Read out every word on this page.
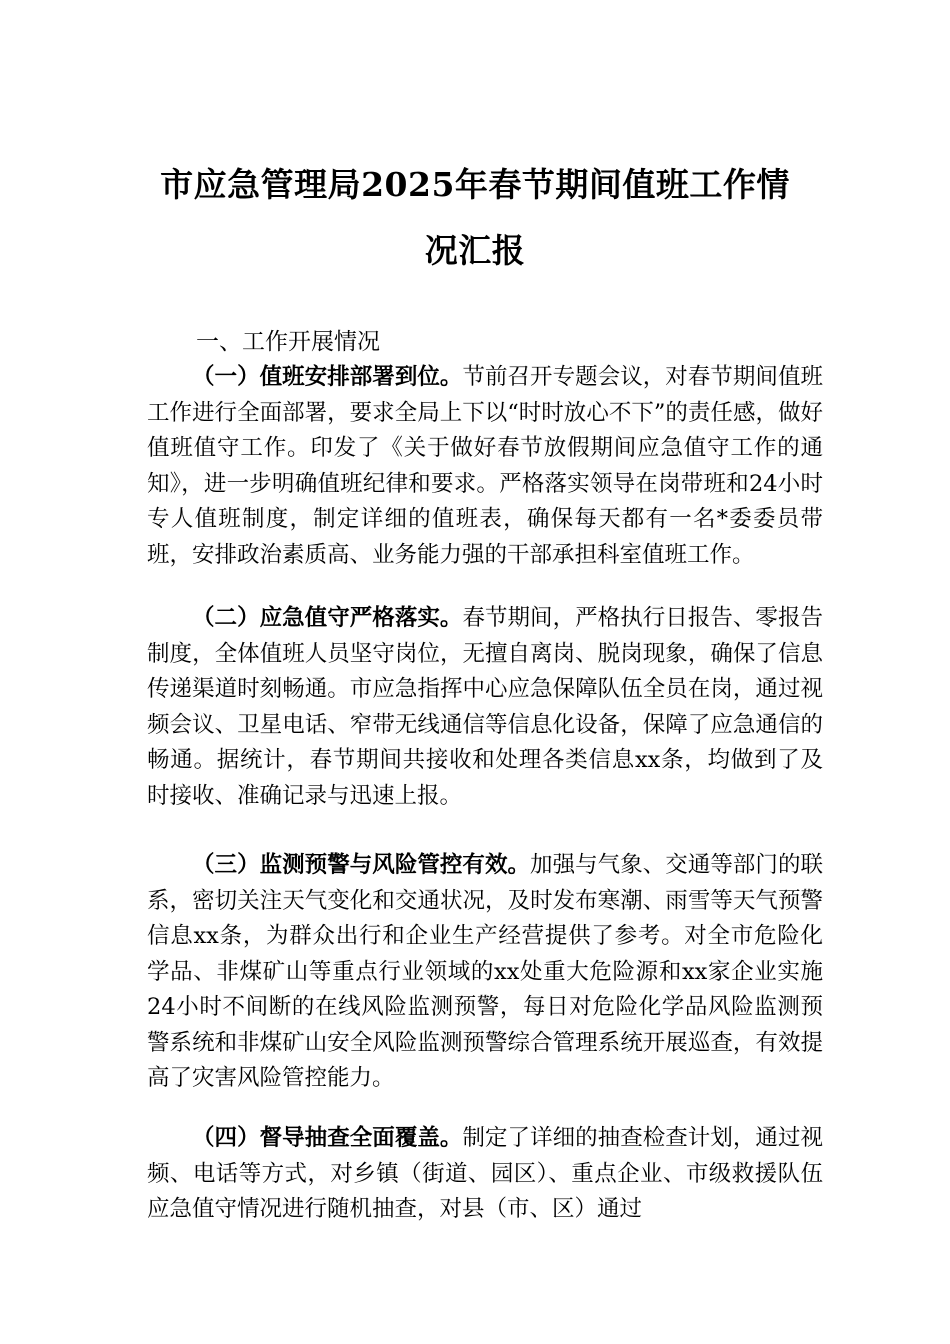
市应急管理局2025年春节期间值班工作情
况汇报
一、工作开展情况

（一）值班安排部署到位。节前召开专题会议，对春节期间值班工作进行全面部署，要求全局上下以“时时放心不下”的责任感，做好值班值守工作。印发了《关于做好春节放假期间应急值守工作的通知》，进一步明确值班纪律和要求。严格落实领导在岗带班和24小时专人值班制度，制定详细的值班表，确保每天都有一名*委委员带班，安排政治素质高、业务能力强的干部承担科室值班工作。

（二）应急值守严格落实。春节期间，严格执行日报告、零报告制度，全体值班人员坚守岗位，无擅自离岗、脱岗现象，确保了信息传递渠道时刻畅通。市应急指挥中心应急保障队伍全员在岗，通过视频会议、卫星电话、窄带无线通信等信息化设备，保障了应急通信的畅通。据统计，春节期间共接收和处理各类信息xx条，均做到了及时接收、准确记录与迅速上报。

（三）监测预警与风险管控有效。加强与气象、交通等部门的联系，密切关注天气变化和交通状况，及时发布寒潮、雨雪等天气预警信息xx条，为群众出行和企业生产经营提供了参考。对全市危险化学品、非煤矿山等重点行业领域的xx处重大危险源和xx家企业实施24小时不间断的在线风险监测预警，每日对危险化学品风险监测预警系统和非煤矿山安全风险监测预警综合管理系统开展巡查，有效提高了灾害风险管控能力。

（四）督导抽查全面覆盖。制定了详细的抽查检查计划，通过视频、电话等方式，对乡镇（街道、园区）、重点企业、市级救援队伍应急值守情况进行随机抽查，对县（市、区）通过
